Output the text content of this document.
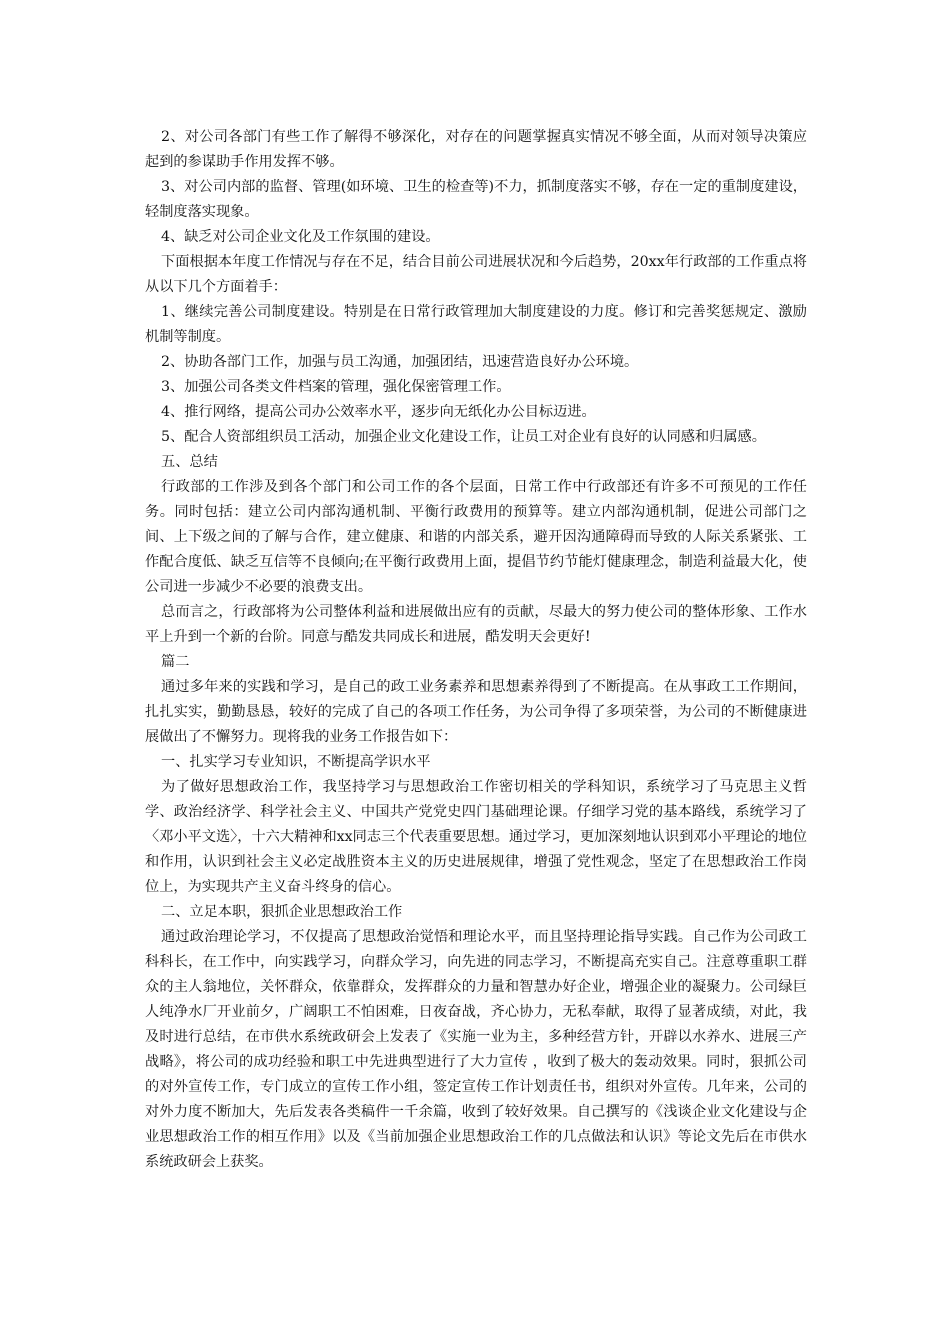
2、对公司各部门有些工作了解得不够深化，对存在的问题掌握真实情况不够全面，从而对领导决策应起到的参谋助手作用发挥不够。

3、对公司内部的监督、管理(如环境、卫生的检查等)不力，抓制度落实不够，存在一定的重制度建设，轻制度落实现象。

4、缺乏对公司企业文化及工作氛围的建设。

下面根据本年度工作情况与存在不足，结合目前公司进展状况和今后趋势，20xx年行政部的工作重点将从以下几个方面着手：

1、继续完善公司制度建设。特别是在日常行政管理加大制度建设的力度。修订和完善奖惩规定、激励机制等制度。

2、协助各部门工作，加强与员工沟通，加强团结，迅速营造良好办公环境。

3、加强公司各类文件档案的管理，强化保密管理工作。

4、推行网络，提高公司办公效率水平，逐步向无纸化办公目标迈进。

5、配合人资部组织员工活动，加强企业文化建设工作，让员工对企业有良好的认同感和归属感。

五、总结

行政部的工作涉及到各个部门和公司工作的各个层面，日常工作中行政部还有许多不可预见的工作任务。同时包括：建立公司内部沟通机制、平衡行政费用的预算等。建立内部沟通机制，促进公司部门之间、上下级之间的了解与合作，建立健康、和谐的内部关系，避开因沟通障碍而导致的人际关系紧张、工作配合度低、缺乏互信等不良倾向;在平衡行政费用上面，提倡节约节能灯健康理念，制造利益最大化，使公司进一步减少不必要的浪费支出。

总而言之，行政部将为公司整体利益和进展做出应有的贡献，尽最大的努力使公司的整体形象、工作水平上升到一个新的台阶。同意与酷发共同成长和进展，酷发明天会更好!

篇二

通过多年来的实践和学习，是自己的政工业务素养和思想素养得到了不断提高。在从事政工工作期间，扎扎实实，勤勤恳恳，较好的完成了自己的各项工作任务，为公司争得了多项荣誉，为公司的不断健康进展做出了不懈努力。现将我的业务工作报告如下：

一、扎实学习专业知识，不断提高学识水平

为了做好思想政治工作，我坚持学习与思想政治工作密切相关的学科知识，系统学习了马克思主义哲学、政治经济学、科学社会主义、中国共产党党史四门基础理论课。仔细学习党的基本路线，系统学习了〈邓小平文选〉，十六大精神和xx同志三个代表重要思想。通过学习，更加深刻地认识到邓小平理论的地位和作用，认识到社会主义必定战胜资本主义的历史进展规律，增强了党性观念，坚定了在思想政治工作岗位上，为实现共产主义奋斗终身的信心。

二、立足本职，狠抓企业思想政治工作

通过政治理论学习，不仅提高了思想政治觉悟和理论水平，而且坚持理论指导实践。自己作为公司政工科科长，在工作中，向实践学习，向群众学习，向先进的同志学习，不断提高充实自己。注意尊重职工群众的主人翁地位，关怀群众，依靠群众，发挥群众的力量和智慧办好企业，增强企业的凝聚力。公司绿巨人纯净水厂开业前夕，广阔职工不怕困难，日夜奋战，齐心协力，无私奉献，取得了显著成绩，对此，我及时进行总结，在市供水系统政研会上发表了《实施一业为主，多种经营方针，开辟以水养水、进展三产战略》，将公司的成功经验和职工中先进典型进行了大力宣传 ，收到了极大的轰动效果。同时，狠抓公司的对外宣传工作，专门成立的宣传工作小组，签定宣传工作计划责任书，组织对外宣传。几年来，公司的对外力度不断加大，先后发表各类稿件一千余篇，收到了较好效果。自己撰写的《浅谈企业文化建设与企业思想政治工作的相互作用》以及《当前加强企业思想政治工作的几点做法和认识》等论文先后在市供水系统政研会上获奖。
